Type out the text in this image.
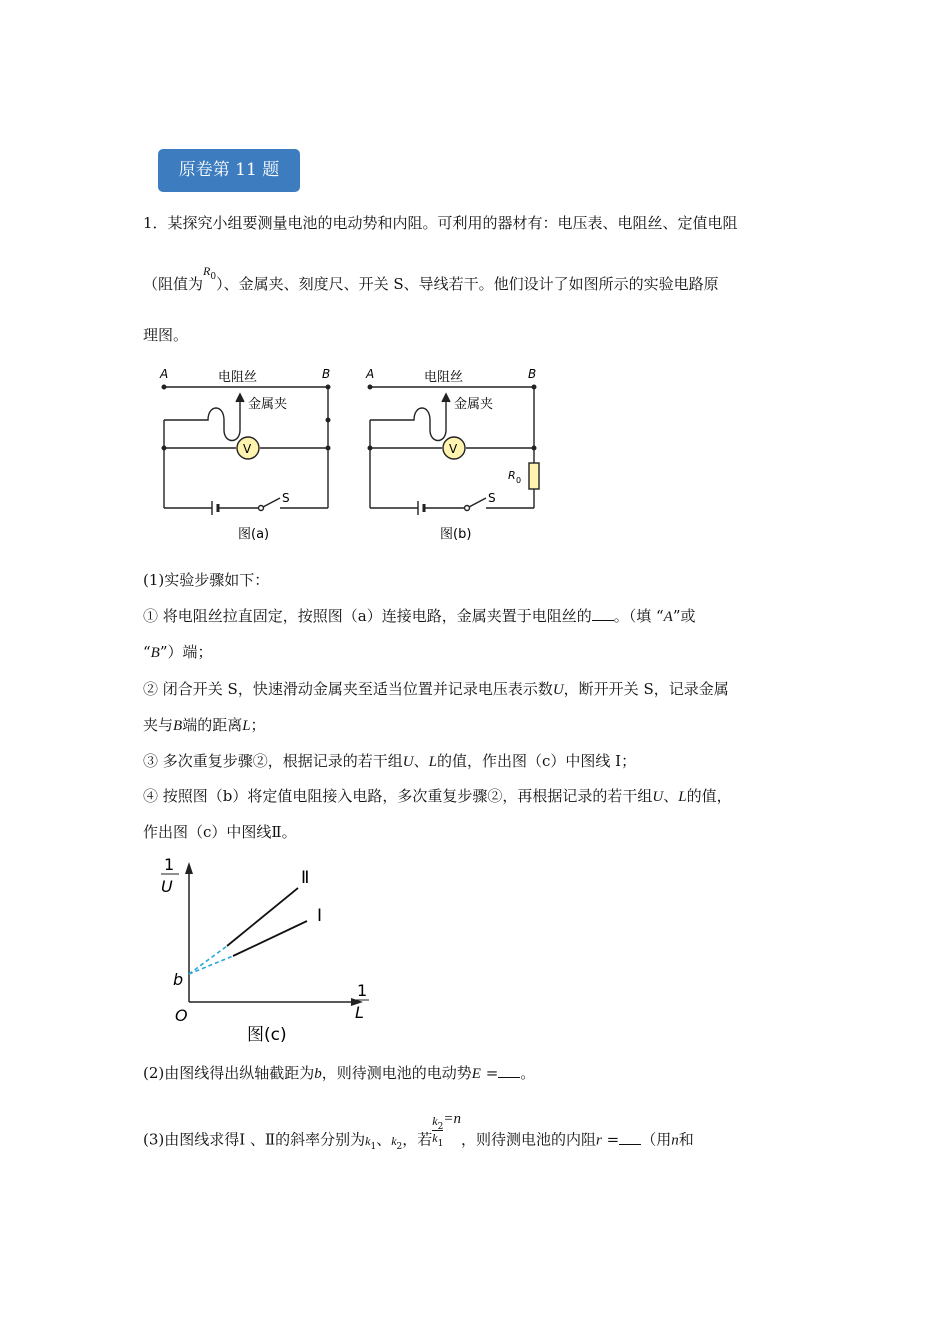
原卷第 11 题
1．某探究小组要测量电池的电动势和内阻。可利用的器材有：电压表、电阻丝、定值电阻
（阻值为$^{R_0}$）、金属夹、刻度尺、开关 S、导线若干。他们设计了如图所示的实验电路原
理图。
A	B
电阻丝
金属夹
V
S
图(a)
A	B
电阻丝
金属夹
V
R 0
S
图(b)
(1)实验步骤如下：
① 将电阻丝拉直固定，按照图（a）连接电路，金属夹置于电阻丝的 。（填 “A”或
“B”）端；
② 闭合开关 S，快速滑动金属夹至适当位置并记录电压表示数U，断开开关 S，记录金属
夹与B端的距离L；
③ 多次重复步骤②，根据记录的若干组U、L的值，作出图（c）中图线 Ⅰ；
④ 按照图（b）将定值电阻接入电路，多次重复步骤②，再根据记录的若干组U、L的值，
作出图（c）中图线Ⅱ。
1
U
1
L
b
O
Ⅱ
Ⅰ
图(c)
(2)由图线得出纵轴截距为b，则待测电池的电动势E = 。
(3)由图线求得Ⅰ 、Ⅱ的斜率分别为$k_1$、$k_2$，若 $\frac{k_2}{k_1} =n$，则待测电池的内阻r = （用n和
